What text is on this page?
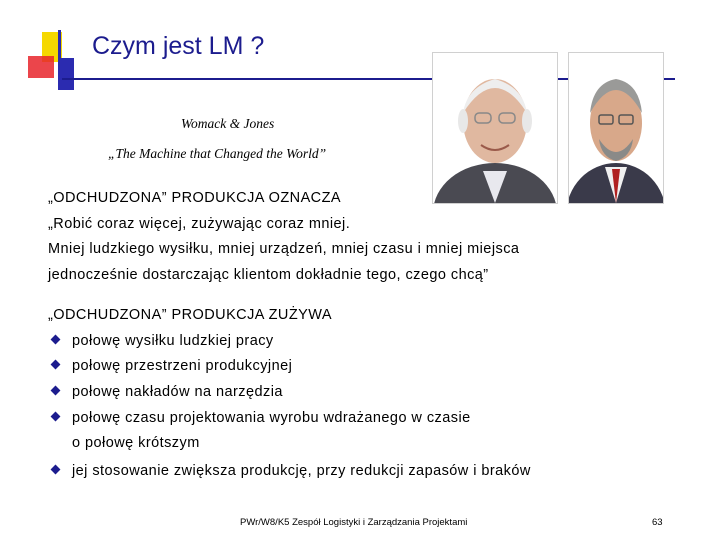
Czym jest LM ?
Womack & Jones
„The Machine that Changed the World”
„ODCHUDZONA” PRODUKCJA OZNACZA
„Robić coraz więcej, zużywając coraz mniej.
Mniej ludzkiego wysiłku, mniej urządzeń, mniej czasu i mniej miejsca
jednocześnie dostarczając klientom dokładnie tego, czego chcą”
„ODCHUDZONA” PRODUKCJA ZUŻYWA
połowę wysiłku ludzkiej pracy
połowę przestrzeni produkcyjnej
połowę nakładów na narzędzia
połowę czasu projektowania wyrobu wdrażanego w czasie
o połowę krótszym
jej stosowanie zwiększa produkcję, przy redukcji zapasów i braków
PWr/W8/K5 Zespół Logistyki i Zarządzania Projektami	63
